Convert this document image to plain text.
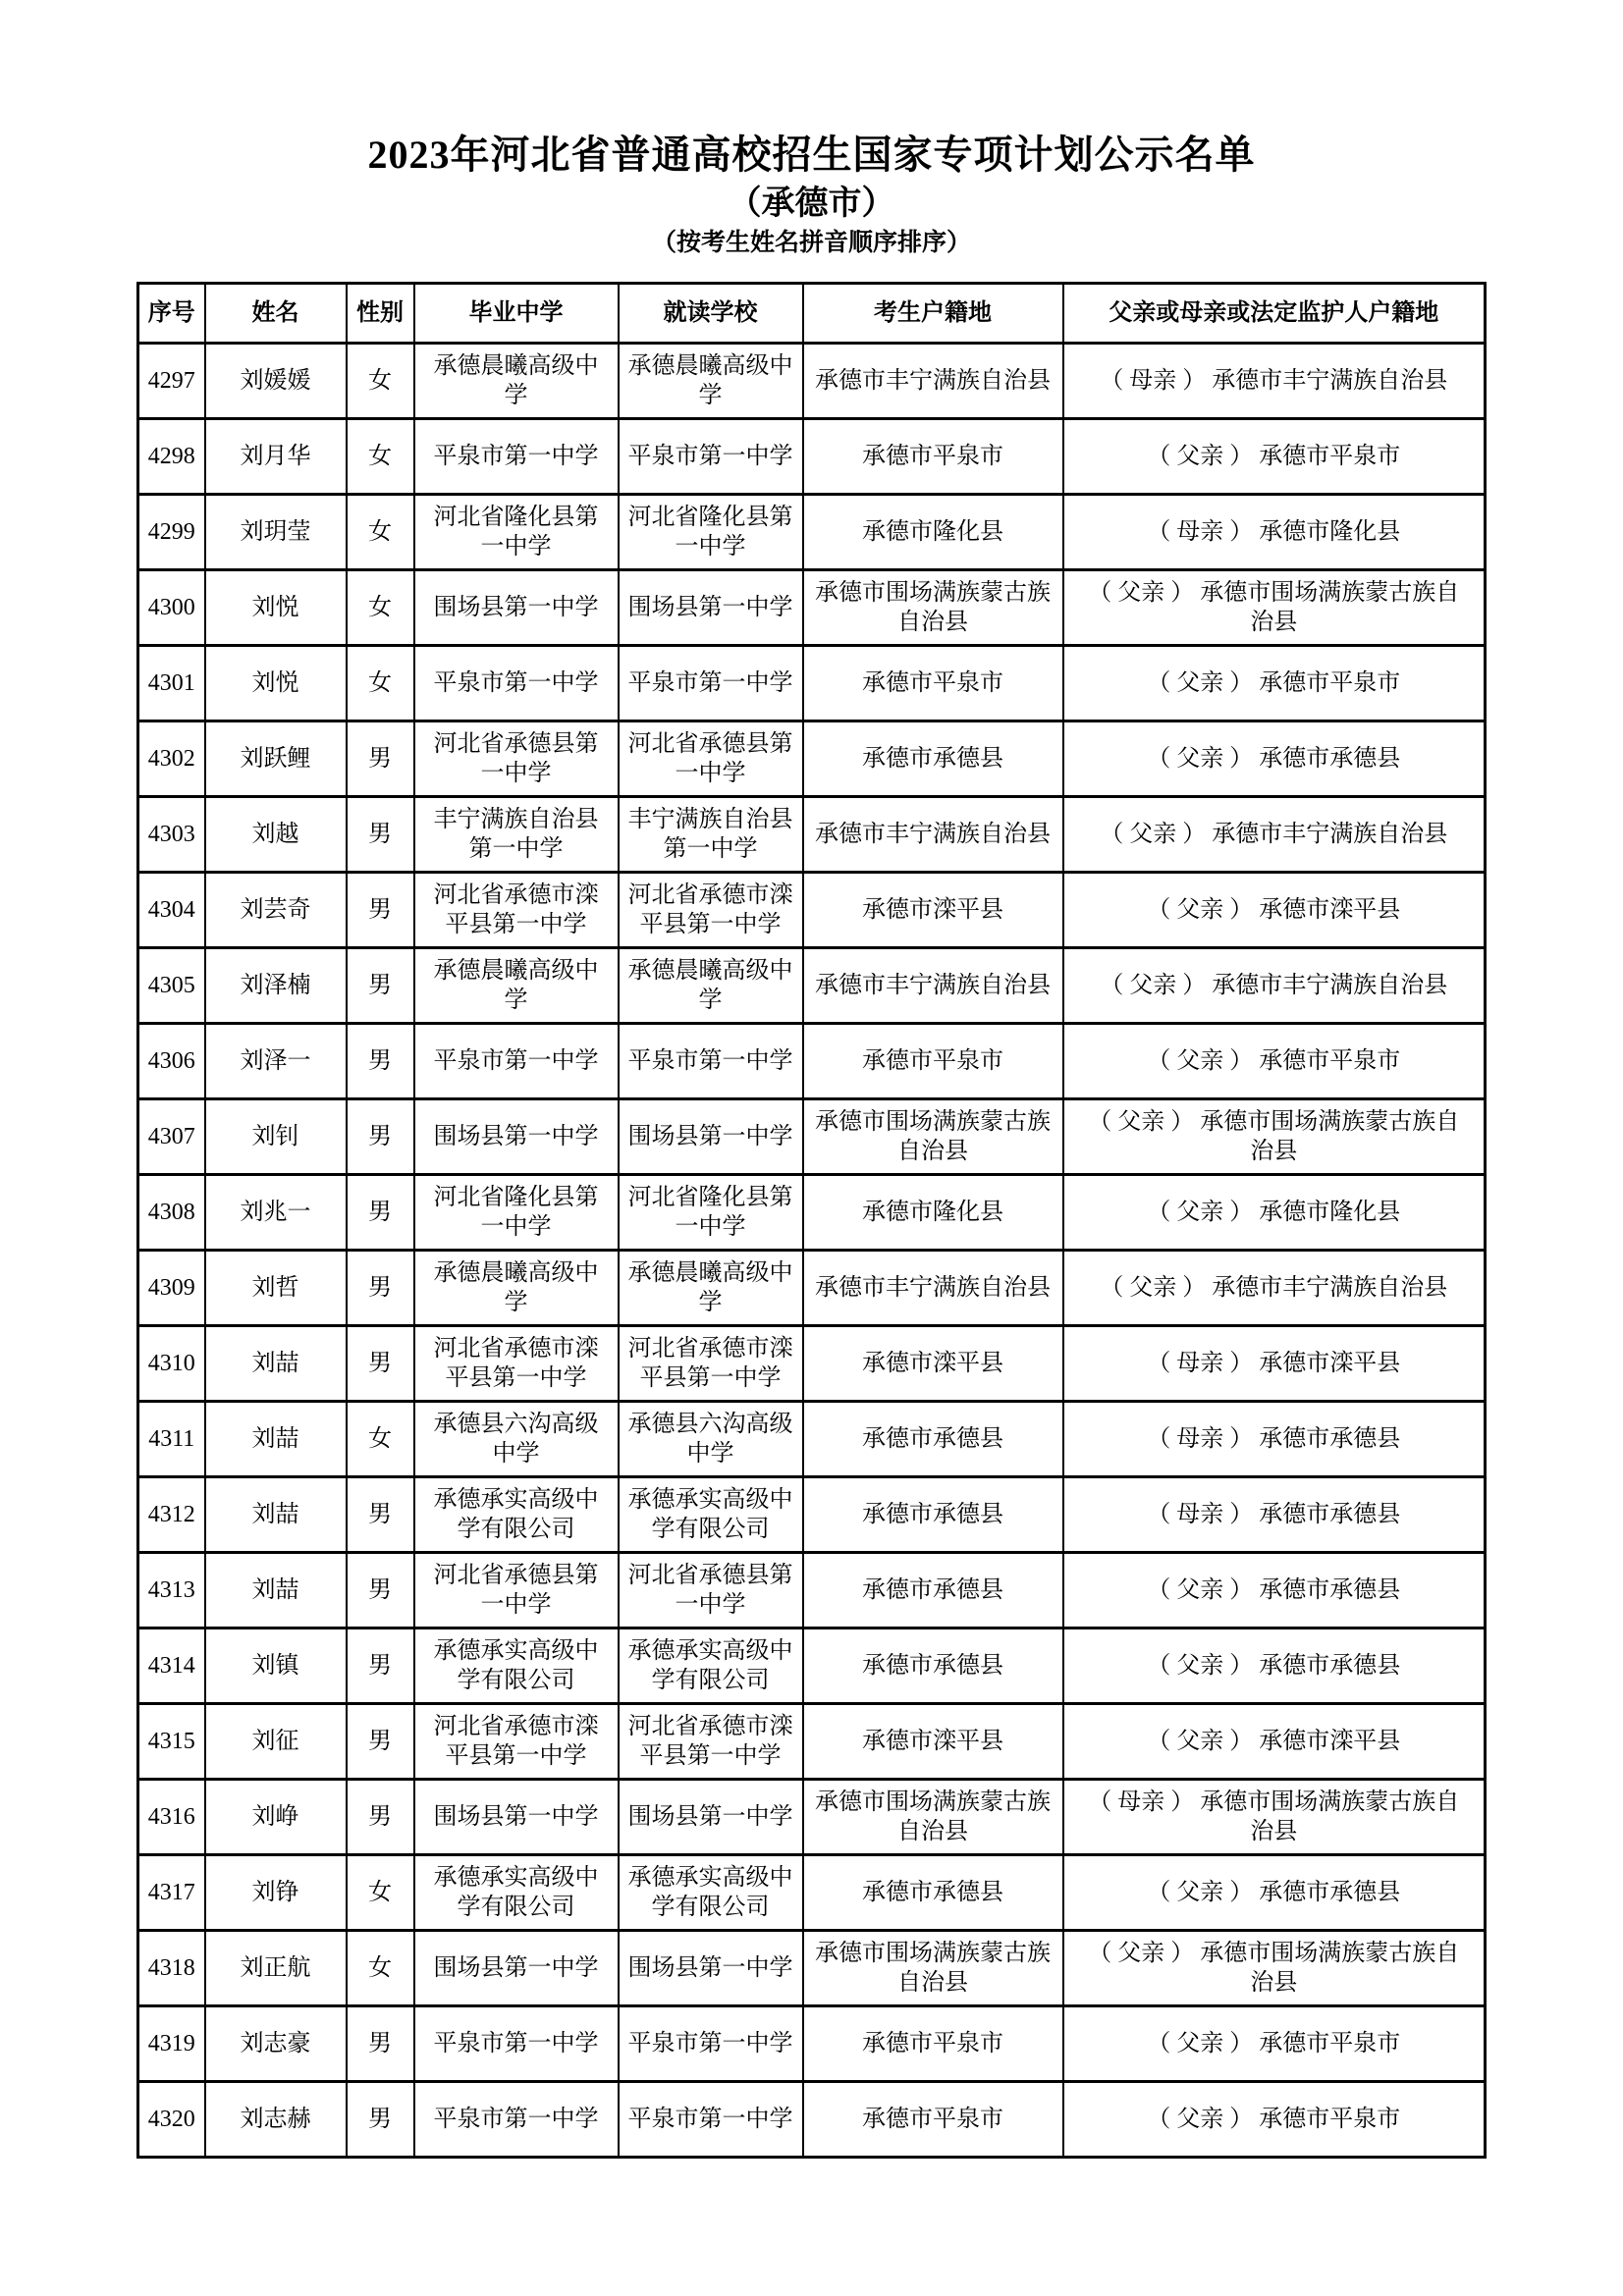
2023年河北省普通高校招生国家专项计划公示名单
（承德市）
（按考生姓名拼音顺序排序）
序号	姓名	性别	毕业中学	就读学校	考生户籍地	父亲或母亲或法定监护人户籍地
4297	刘媛媛	女	承德晨曦高级中学	承德晨曦高级中学	承德市丰宁满族自治县	（ 母亲 ） 承德市丰宁满族自治县
4298	刘月华	女	平泉市第一中学	平泉市第一中学	承德市平泉市	（ 父亲 ） 承德市平泉市
4299	刘玥莹	女	河北省隆化县第一中学	河北省隆化县第一中学	承德市隆化县	（ 母亲 ） 承德市隆化县
4300	刘悦	女	围场县第一中学	围场县第一中学	承德市围场满族蒙古族自治县	（ 父亲 ） 承德市围场满族蒙古族自治县
4301	刘悦	女	平泉市第一中学	平泉市第一中学	承德市平泉市	（ 父亲 ） 承德市平泉市
4302	刘跃鲤	男	河北省承德县第一中学	河北省承德县第一中学	承德市承德县	（ 父亲 ） 承德市承德县
4303	刘越	男	丰宁满族自治县第一中学	丰宁满族自治县第一中学	承德市丰宁满族自治县	（ 父亲 ） 承德市丰宁满族自治县
4304	刘芸奇	男	河北省承德市滦平县第一中学	河北省承德市滦平县第一中学	承德市滦平县	（ 父亲 ） 承德市滦平县
4305	刘泽楠	男	承德晨曦高级中学	承德晨曦高级中学	承德市丰宁满族自治县	（ 父亲 ） 承德市丰宁满族自治县
4306	刘泽一	男	平泉市第一中学	平泉市第一中学	承德市平泉市	（ 父亲 ） 承德市平泉市
4307	刘钊	男	围场县第一中学	围场县第一中学	承德市围场满族蒙古族自治县	（ 父亲 ） 承德市围场满族蒙古族自治县
4308	刘兆一	男	河北省隆化县第一中学	河北省隆化县第一中学	承德市隆化县	（ 父亲 ） 承德市隆化县
4309	刘哲	男	承德晨曦高级中学	承德晨曦高级中学	承德市丰宁满族自治县	（ 父亲 ） 承德市丰宁满族自治县
4310	刘喆	男	河北省承德市滦平县第一中学	河北省承德市滦平县第一中学	承德市滦平县	（ 母亲 ） 承德市滦平县
4311	刘喆	女	承德县六沟高级中学	承德县六沟高级中学	承德市承德县	（ 母亲 ） 承德市承德县
4312	刘喆	男	承德承实高级中学有限公司	承德承实高级中学有限公司	承德市承德县	（ 母亲 ） 承德市承德县
4313	刘喆	男	河北省承德县第一中学	河北省承德县第一中学	承德市承德县	（ 父亲 ） 承德市承德县
4314	刘镇	男	承德承实高级中学有限公司	承德承实高级中学有限公司	承德市承德县	（ 父亲 ） 承德市承德县
4315	刘征	男	河北省承德市滦平县第一中学	河北省承德市滦平县第一中学	承德市滦平县	（ 父亲 ） 承德市滦平县
4316	刘峥	男	围场县第一中学	围场县第一中学	承德市围场满族蒙古族自治县	（ 母亲 ） 承德市围场满族蒙古族自治县
4317	刘铮	女	承德承实高级中学有限公司	承德承实高级中学有限公司	承德市承德县	（ 父亲 ） 承德市承德县
4318	刘正航	女	围场县第一中学	围场县第一中学	承德市围场满族蒙古族自治县	（ 父亲 ） 承德市围场满族蒙古族自治县
4319	刘志豪	男	平泉市第一中学	平泉市第一中学	承德市平泉市	（ 父亲 ） 承德市平泉市
4320	刘志赫	男	平泉市第一中学	平泉市第一中学	承德市平泉市	（ 父亲 ） 承德市平泉市
